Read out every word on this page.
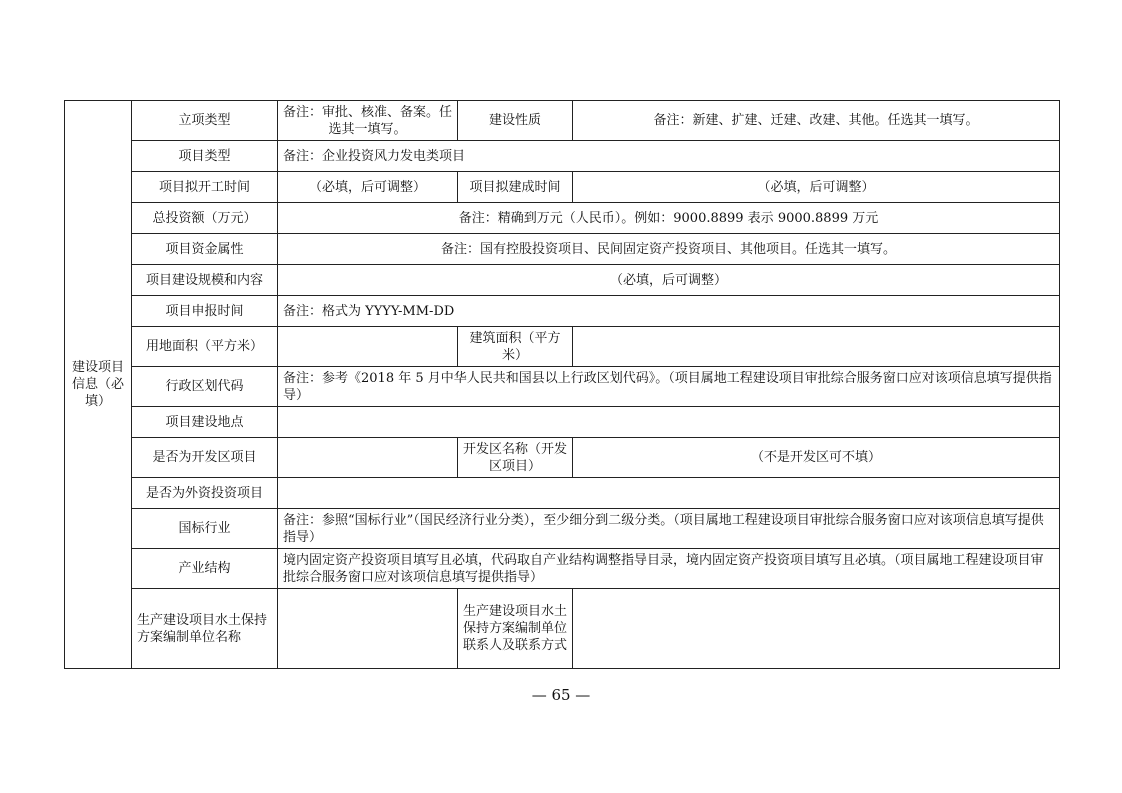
建设项目信息（必填）	立项类型	备注：审批、核准、备案。任选其一填写。	建设性质	备注：新建、扩建、迁建、改建、其他。任选其一填写。
	项目类型	备注：企业投资风力发电类项目		
	项目拟开工时间	（必填，后可调整）	项目拟建成时间	（必填，后可调整）
	总投资额（万元）	备注：精确到万元（人民币）。例如：9000.8899 表示 9000.8899 万元		
	项目资金属性	备注：国有控股投资项目、民间固定资产投资项目、其他项目。任选其一填写。		
	项目建设规模和内容	（必填，后可调整）		
	项目申报时间	备注：格式为 YYYY-MM-DD		
	用地面积（平方米）		建筑面积（平方米）	
	行政区划代码	备注：参考《2018 年 5 月中华人民共和国县以上行政区划代码》。（项目属地工程建设项目审批综合服务窗口应对该项信息填写提供指导）		
	项目建设地点			
	是否为开发区项目		开发区名称（开发区项目）	（不是开发区可不填）
	是否为外资投资项目			
	国标行业	备注：参照“国标行业”（国民经济行业分类），至少细分到二级分类。（项目属地工程建设项目审批综合服务窗口应对该项信息填写提供指导）		
	产业结构	境内固定资产投资项目填写且必填，代码取自产业结构调整指导目录，境内固定资产投资项目填写且必填。（项目属地工程建设项目审批综合服务窗口应对该项信息填写提供指导）		
	生产建设项目水土保持方案编制单位名称		生产建设项目水土保持方案编制单位联系人及联系方式	
— 65 —
